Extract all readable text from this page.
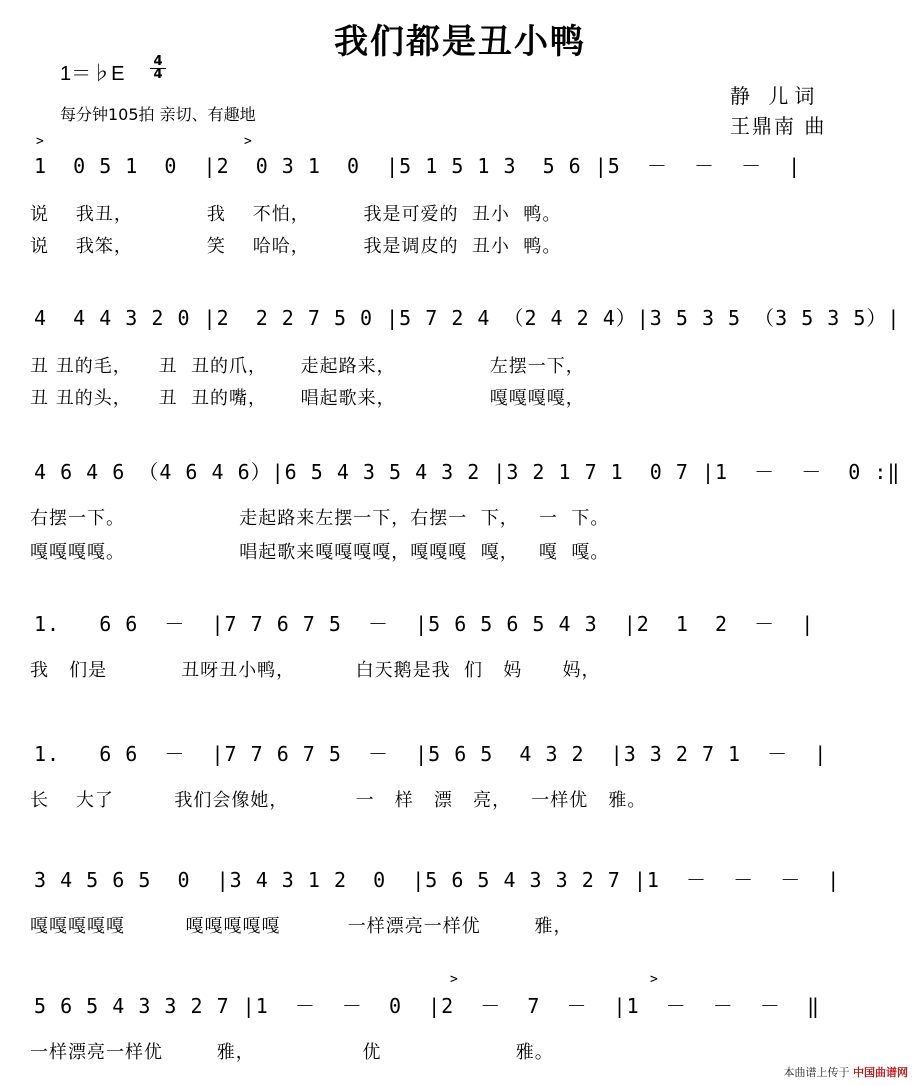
我们都是丑小鸭
1＝♭E
4
4
每分钟105拍 亲切、有趣地
静 儿词
王鼎南 曲
>	>
1  0 5 1  0  |2  0 3 1  0  |5 1 5 1 3  5 6 |5  －  －  －  |
说    我丑，           我    不怕，        我是可爱的  丑小  鸭。
说    我笨，           笑    哈哈，        我是调皮的  丑小  鸭。
4  4 4 3 2 0 |2  2 2 7 5 0 |5 7 2 4 （2 4 2 4）|3 5 3 5 （3 5 3 5）|
丑 丑的毛，    丑  丑的爪，     走起路来，              左摆一下，
丑 丑的头，    丑  丑的嘴，     唱起歌来，              嘎嘎嘎嘎，
4 6 4 6 （4 6 4 6）|6 5 4 3 5 4 3 2 |3 2 1 7 1  0 7 |1  －  －  0 :‖
右摆一下。                 走起路来左摆一下，右摆一  下，   一  下。
嘎嘎嘎嘎。                 唱起歌来嘎嘎嘎嘎，嘎嘎嘎  嘎，   嘎  嘎。
1.   6 6  －  |7 7 6 7 5  －  |5 6 5 6 5 4 3  |2  1  2  －  |
我   们是           丑呀丑小鸭，         白天鹅是我  们   妈      妈，
1.   6 6  －  |7 7 6 7 5  －  |5 6 5  4 3 2  |3 3 2 7 1  －  |
长    大了         我们会像她，          一   样   漂   亮，   一样优   雅。
3 4 5 6 5  0  |3 4 3 1 2  0  |5 6 5 4 3 3 2 7 |1  －  －  －  |
嘎嘎嘎嘎嘎         嘎嘎嘎嘎嘎          一样漂亮一样优        雅，
>	>
5 6 5 4 3 3 2 7 |1  －  －  0  |2  －  7  －  |1  －  －  －  ‖
一样漂亮一样优        雅，                优                    雅。
本曲谱上传于 中国曲谱网
